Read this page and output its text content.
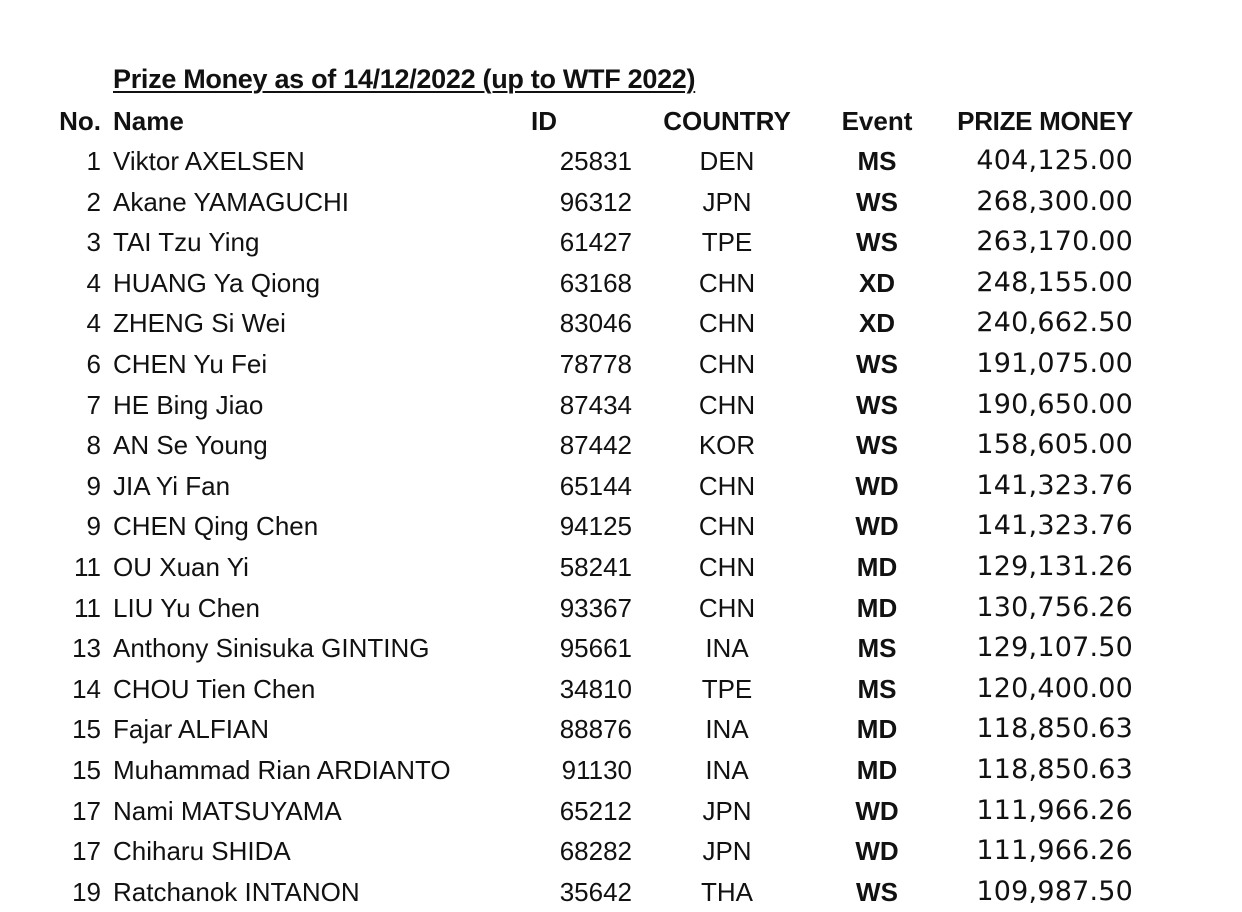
Prize Money as of 14/12/2022 (up to WTF 2022)
No. Name	ID	COUNTRY	Event	PRIZE MONEY
1 Viktor AXELSEN	25831	DEN	MS	404,125.00
2 Akane YAMAGUCHI	96312	JPN	WS	268,300.00
3 TAI Tzu Ying	61427	TPE	WS	263,170.00
4 HUANG Ya Qiong	63168	CHN	XD	248,155.00
4 ZHENG Si Wei	83046	CHN	XD	240,662.50
6 CHEN Yu Fei	78778	CHN	WS	191,075.00
7 HE Bing Jiao	87434	CHN	WS	190,650.00
8 AN Se Young	87442	KOR	WS	158,605.00
9 JIA Yi Fan	65144	CHN	WD	141,323.76
9 CHEN Qing Chen	94125	CHN	WD	141,323.76
11 OU Xuan Yi	58241	CHN	MD	129,131.26
11 LIU Yu Chen	93367	CHN	MD	130,756.26
13 Anthony Sinisuka GINTING	95661	INA	MS	129,107.50
14 CHOU Tien Chen	34810	TPE	MS	120,400.00
15 Fajar ALFIAN	88876	INA	MD	118,850.63
15 Muhammad Rian ARDIANTO	91130	INA	MD	118,850.63
17 Nami MATSUYAMA	65212	JPN	WD	111,966.26
17 Chiharu SHIDA	68282	JPN	WD	111,966.26
19 Ratchanok INTANON	35642	THA	WS	109,987.50
